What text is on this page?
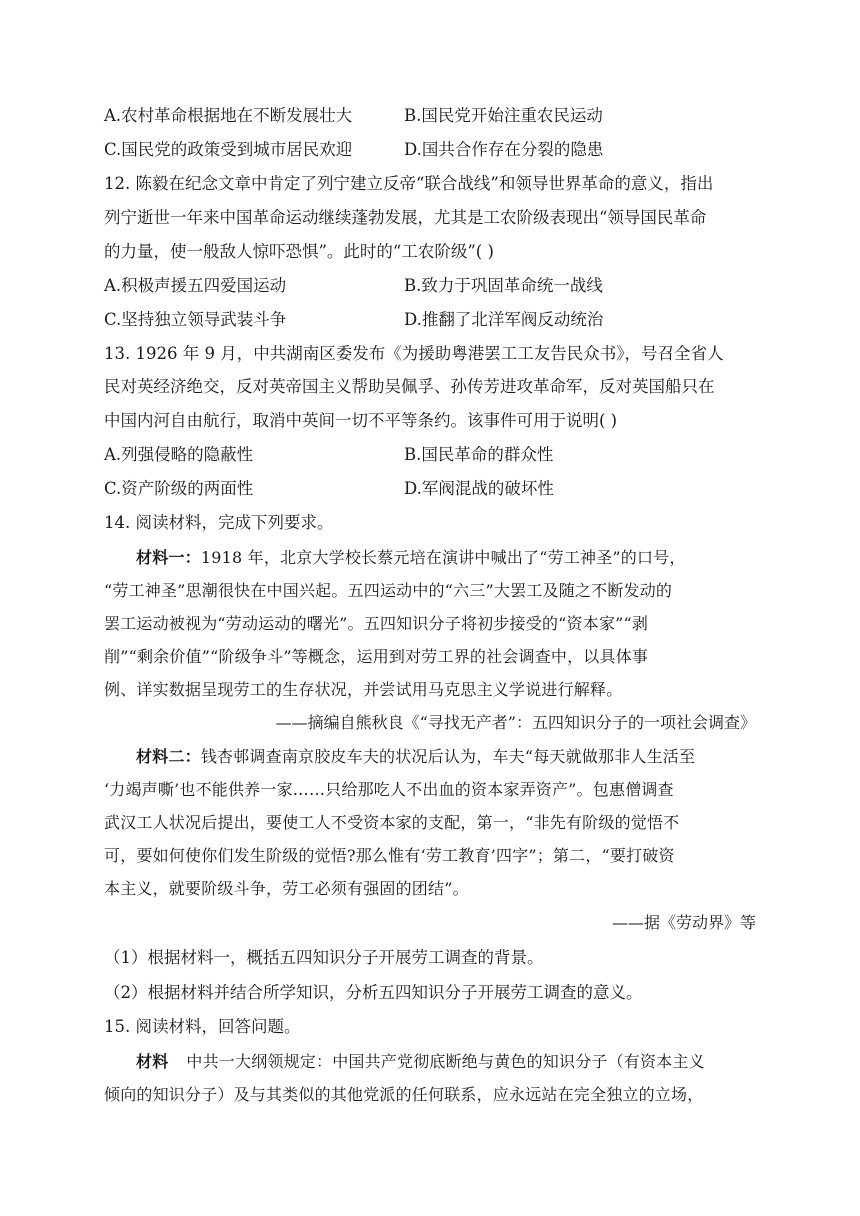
A.农村革命根据地在不断发展壮大	B.国民党开始注重农民运动
C.国民党的政策受到城市居民欢迎	D.国共合作存在分裂的隐患
12. 陈毅在纪念文章中肯定了列宁建立反帝“联合战线”和领导世界革命的意义，指出
列宁逝世一年来中国革命运动继续蓬勃发展，尤其是工农阶级表现出“领导国民革命
的力量，使一般敌人惊吓恐惧”。此时的“工农阶级”( )
A.积极声援五四爱国运动	B.致力于巩固革命统一战线
C.坚持独立领导武装斗争	D.推翻了北洋军阀反动统治
13. 1926 年 9 月，中共湖南区委发布《为援助粤港罢工工友告民众书》，号召全省人
民对英经济绝交，反对英帝国主义帮助吴佩孚、孙传芳进攻革命军，反对英国船只在
中国内河自由航行，取消中英间一切不平等条约。该事件可用于说明( )
A.列强侵略的隐蔽性	B.国民革命的群众性
C.资产阶级的两面性	D.军阀混战的破坏性
14. 阅读材料，完成下列要求。
材料一：1918 年，北京大学校长蔡元培在演讲中喊出了“劳工神圣”的口号，
“劳工神圣”思潮很快在中国兴起。五四运动中的“六三”大罢工及随之不断发动的
罢工运动被视为“劳动运动的曙光”。五四知识分子将初步接受的“资本家”“剥
削”“剩余价值”“阶级争斗”等概念，运用到对劳工界的社会调查中，以具体事
例、详实数据呈现劳工的生存状况，并尝试用马克思主义学说进行解释。
——摘编自熊秋良《“寻找无产者”：五四知识分子的一项社会调查》
材料二：钱杏邨调查南京胶皮车夫的状况后认为，车夫“每天就做那非人生活至
‘力竭声嘶’也不能供养一家……只给那吃人不出血的资本家弄资产”。包惠僧调查
武汉工人状况后提出，要使工人不受资本家的支配，第一，“非先有阶级的觉悟不
可，要如何使你们发生阶级的觉悟?那么惟有‘劳工教育’四字”；第二，“要打破资
本主义，就要阶级斗争，劳工必须有强固的团结”。
——据《劳动界》等
（1）根据材料一，概括五四知识分子开展劳工调查的背景。
（2）根据材料并结合所学知识，分析五四知识分子开展劳工调查的意义。
15. 阅读材料，回答问题。
材料 中共一大纲领规定：中国共产党彻底断绝与黄色的知识分子（有资本主义
倾向的知识分子）及与其类似的其他党派的任何联系，应永远站在完全独立的立场，
